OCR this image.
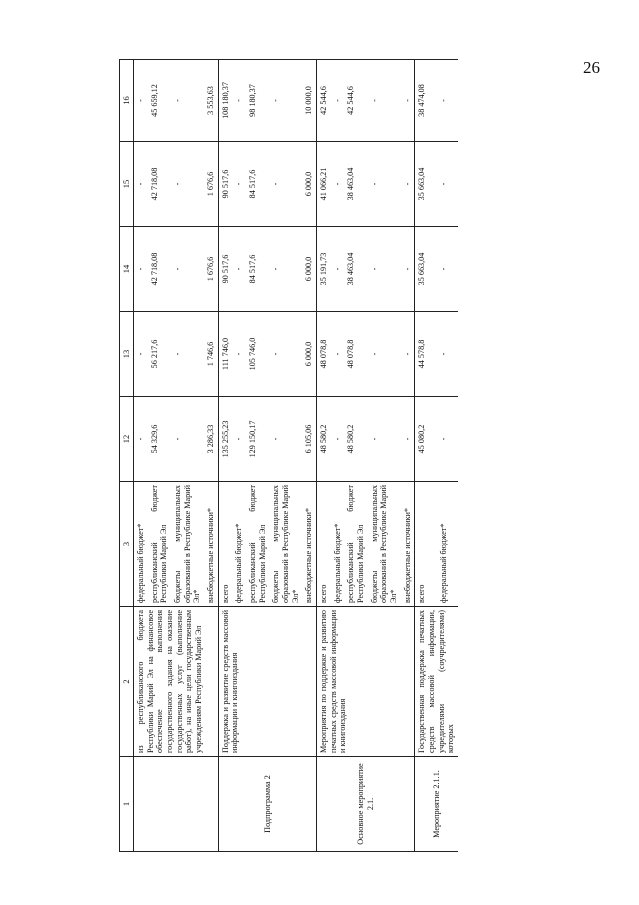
26
1	2	3	12	13	14	15	16
	из республиканского бюджета Республики Марий Эл на финансовое обеспечение выполнения государственного задания на оказание государственных услуг (выполнение работ), на иные цели государственным учреждениям Республики Марий Эл	федеральный бюджет*	-	-	-	-	-
		республиканский бюджет Республики Марий Эл	54 329,6	56 217,6	42 718,08	42 718,08	45 659,12
		бюджеты муниципальных образований в Республике Марий Эл*	-	-	-	-	-
		внебюджетные источники*	3 286,33	1 746,6	1 676,6	1 676,6	3 553,63
Подпрограмма 2	Поддержка и развитие средств массовой информации и книгоиздания	всего	135 255,23	111 746,0	90 517,6	90 517,6	108 180,37
		федеральный бюджет*	-	-	-	-	-
		республиканский бюджет Республики Марий Эл	129 150,17	105 746,0	84 517,6	84 517,6	98 180,37
		бюджеты муниципальных образований в Республике Марий Эл*	-	-	-	-	-
		внебюджетные источники*	6 105,06	6 000,0	6 000,0	6 000,0	10 000,0
Основное мероприятие 2.1.	Мероприятия по поддержке и развитию печатных средств массовой информации и книгоиздания	всего	48 580,2	48 078,8	35 191,73	41 066,21	42 544,6
		федеральный бюджет*	-	-	-	-	-
		республиканский бюджет Республики Марий Эл	48 580,2	48 078,8	38 463,04	38 463,04	42 544,6
		бюджеты муниципальных образований в Республике Марий Эл*	-	-	-	-	-
		внебюджетные источники*	-	-	-	-	-
Мероприятие 2.1.1.	Государственная поддержка печатных средств массовой информации, учредителями (соучредителями) которых	всего	45 080,2	44 578,8	35 663,04	35 663,04	38 474,08
		федеральный бюджет*	-	-	-	-	-
